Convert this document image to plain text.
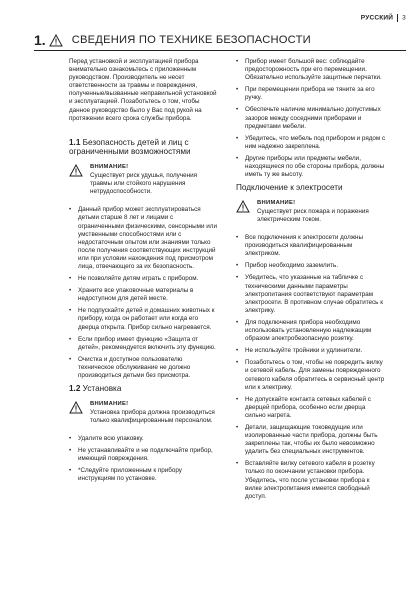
РУССКИЙ 3
1. СВЕДЕНИЯ ПО ТЕХНИКЕ БЕЗОПАСНОСТИ

Перед установкой и эксплуатацией прибора внимательно ознакомьтесь с приложенным руководством. Производитель не несет ответственности за травмы и повреждения, полученные/вызванные неправильной установкой и эксплуатацией. Позаботьтесь о том, чтобы данное руководство было у Вас под рукой на протяжении всего срока службы прибора.

1.1 Безопасность детей и лиц с ограниченными возможностями
ВНИМАНИЕ!
Существует риск удушья, получения травмы или стойкого нарушения нетрудоспособности.
• Данный прибор может эксплуатироваться детьми старше 8 лет и лицами с ограниченными физическими, сенсорными или умственными способностями или с недостаточным опытом или знаниями только после получения соответствующих инструкций или при условии нахождения под присмотром лица, отвечающего за их безопасность.
• Не позволяйте детям играть с прибором.
• Храните все упаковочные материалы в недоступном для детей месте.
• Не подпускайте детей и домашних животных к прибору, когда он работает или когда его дверца открыта. Прибор сильно нагревается.
• Если прибор имеет функцию «Защита от детей», рекомендуется включить эту функцию.
• Очистка и доступное пользователю техническое обслуживание не должно производиться детьми без присмотра.
1.2 Установка
ВНИМАНИЕ!
Установка прибора должна производиться только квалифицированным персоналом.
• Удалите всю упаковку.
• Не устанавливайте и не подключайте прибор, имеющий повреждения.
• *Следуйте приложенным к прибору инструкциям по установке.
• Прибор имеет большой вес: соблюдайте предосторожность при его перемещении. Обязательно используйте защитные перчатки.
• При перемещении прибора не тяните за его ручку.
• Обеспечьте наличие минимально допустимых зазоров между соседними приборами и предметами мебели.
• Убедитесь, что мебель под прибором и рядом с ним надежно закреплена.
• Другие приборы или предметы мебели, находящиеся по обе стороны прибора, должны иметь ту же высоту.
Подключение к электросети
ВНИМАНИЕ!
Существует риск пожара и поражения электрическим током.
• Все подключения к электросети должны производиться квалифицированным электриком.
• Прибор необходимо заземлить.
• Убедитесь, что указанные на табличке с техническими данными параметры электропитания соответствуют параметрам электросети. В противном случае обратитесь к электрику.
• Для подключения прибора необходимо использовать установленную надлежащим образом электробезопасную розетку.
• Не используйте тройники и удлинители.
• Позаботьтесь о том, чтобы не повредить вилку и сетевой кабель. Для замены поврежденного сетевого кабеля обратитесь в сервисный центр или к электрику.
• Не допускайте контакта сетевых кабелей с дверцей прибора, особенно если дверца сильно нагрета.
• Детали, защищающие токоведущие или изолированные части прибора, должны быть закреплены так, чтобы их было невозможно удалить без специальных инструментов.
• Вставляйте вилку сетевого кабеля в розетку только по окончании установки прибора. Убедитесь, что после установки прибора к вилке электропитания имеется свободный доступ.
